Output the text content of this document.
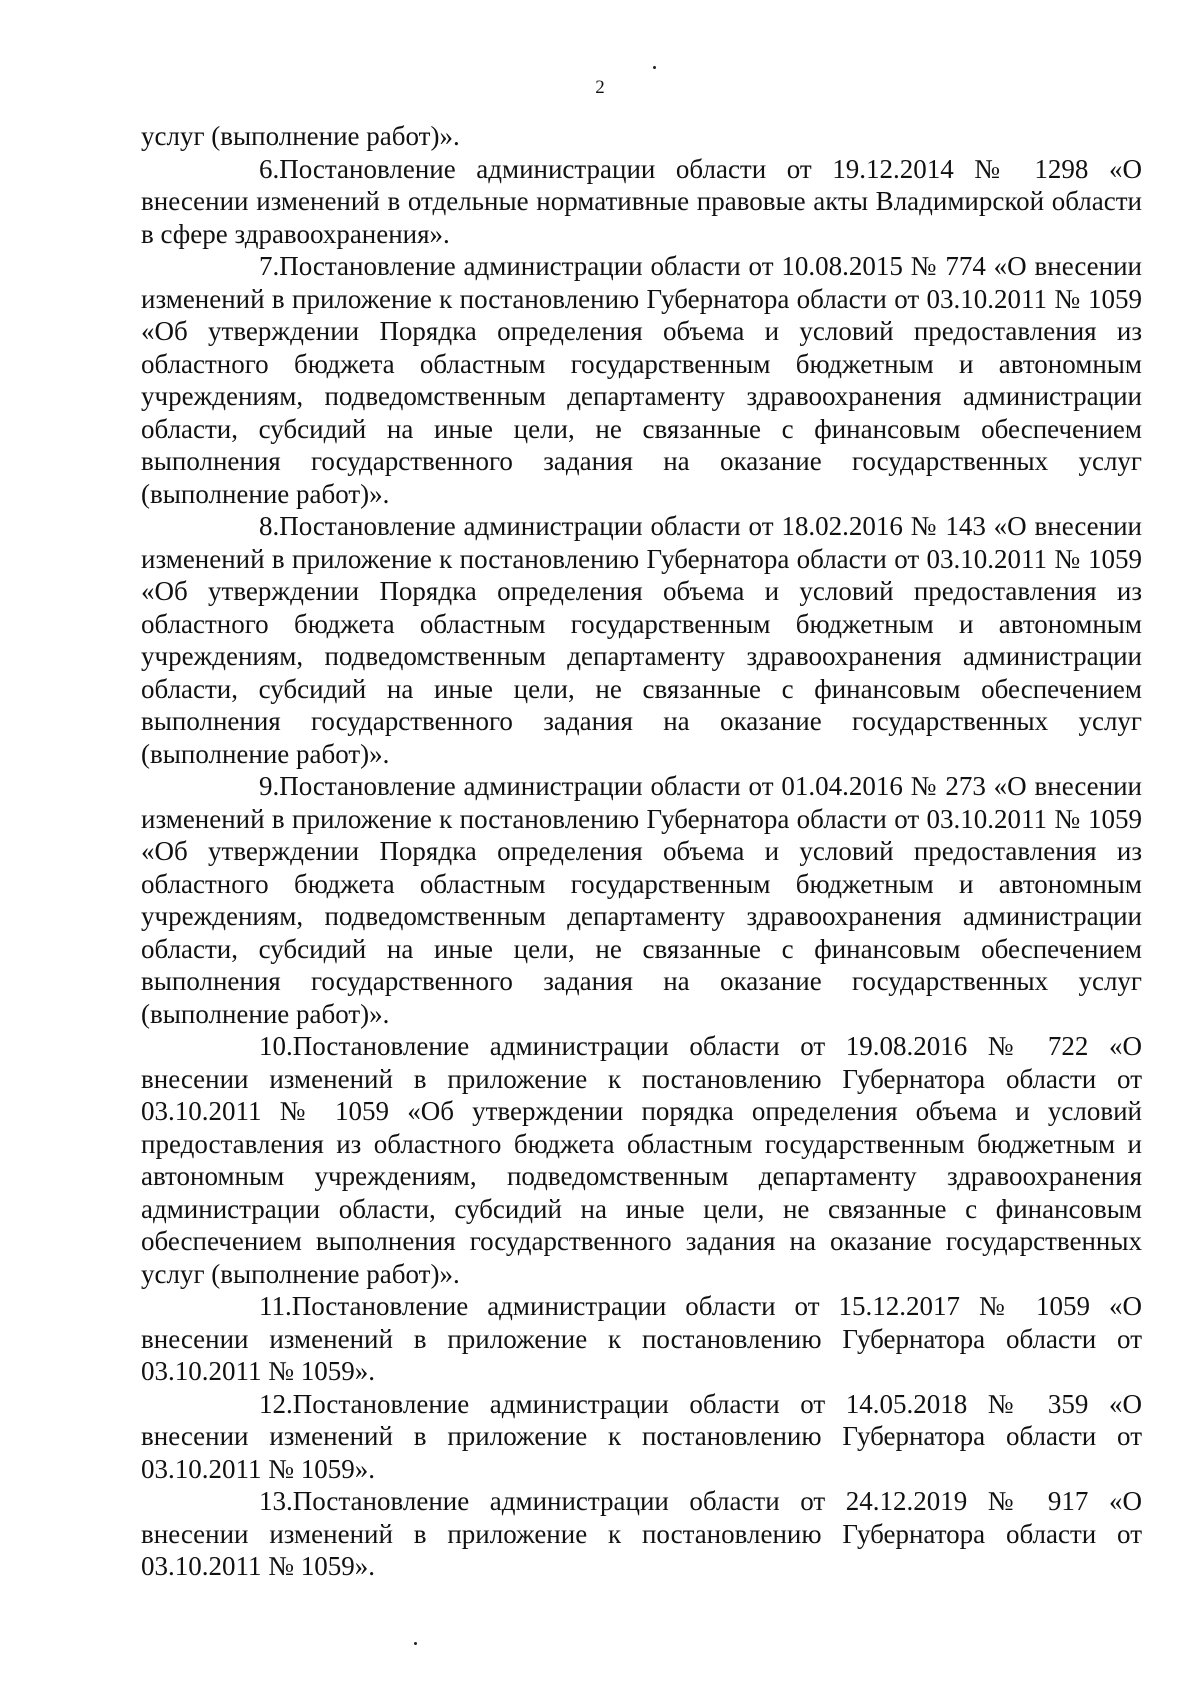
2

услуг (выполнение работ)».

6.Постановление администрации области от 19.12.2014 № 1298 «О внесении изменений в отдельные нормативные правовые акты Владимирской области в сфере здравоохранения».

7.Постановление администрации области от 10.08.2015 № 774 «О внесении изменений в приложение к постановлению Губернатора области от 03.10.2011 № 1059 «Об утверждении Порядка определения объема и условий предоставления из областного бюджета областным государственным бюджетным и автономным учреждениям, подведомственным департаменту здравоохранения администрации области, субсидий на иные цели, не связанные с финансовым обеспечением выполнения государственного задания на оказание государственных услуг (выполнение работ)».

8.Постановление администрации области от 18.02.2016 № 143 «О внесении изменений в приложение к постановлению Губернатора области от 03.10.2011 № 1059 «Об утверждении Порядка определения объема и условий предоставления из областного бюджета областным государственным бюджетным и автономным учреждениям, подведомственным департаменту здравоохранения администрации области, субсидий на иные цели, не связанные с финансовым обеспечением выполнения государственного задания на оказание государственных услуг (выполнение работ)».

9.Постановление администрации области от 01.04.2016 № 273 «О внесении изменений в приложение к постановлению Губернатора области от 03.10.2011 № 1059 «Об утверждении Порядка определения объема и условий предоставления из областного бюджета областным государственным бюджетным и автономным учреждениям, подведомственным департаменту здравоохранения администрации области, субсидий на иные цели, не связанные с финансовым обеспечением выполнения государственного задания на оказание государственных услуг (выполнение работ)».

10.Постановление администрации области от 19.08.2016 № 722 «О внесении изменений в приложение к постановлению Губернатора области от 03.10.2011 № 1059 «Об утверждении порядка определения объема и условий предоставления из областного бюджета областным государственным бюджетным и автономным учреждениям, подведомственным департаменту здравоохранения администрации области, субсидий на иные цели, не связанные с финансовым обеспечением выполнения государственного задания на оказание государственных услуг (выполнение работ)».

11.Постановление администрации области от 15.12.2017 № 1059 «О внесении изменений в приложение к постановлению Губернатора области от 03.10.2011 № 1059».

12.Постановление администрации области от 14.05.2018 № 359 «О внесении изменений в приложение к постановлению Губернатора области от 03.10.2011 № 1059».

13.Постановление администрации области от 24.12.2019 № 917 «О внесении изменений в приложение к постановлению Губернатора области от 03.10.2011 № 1059».
